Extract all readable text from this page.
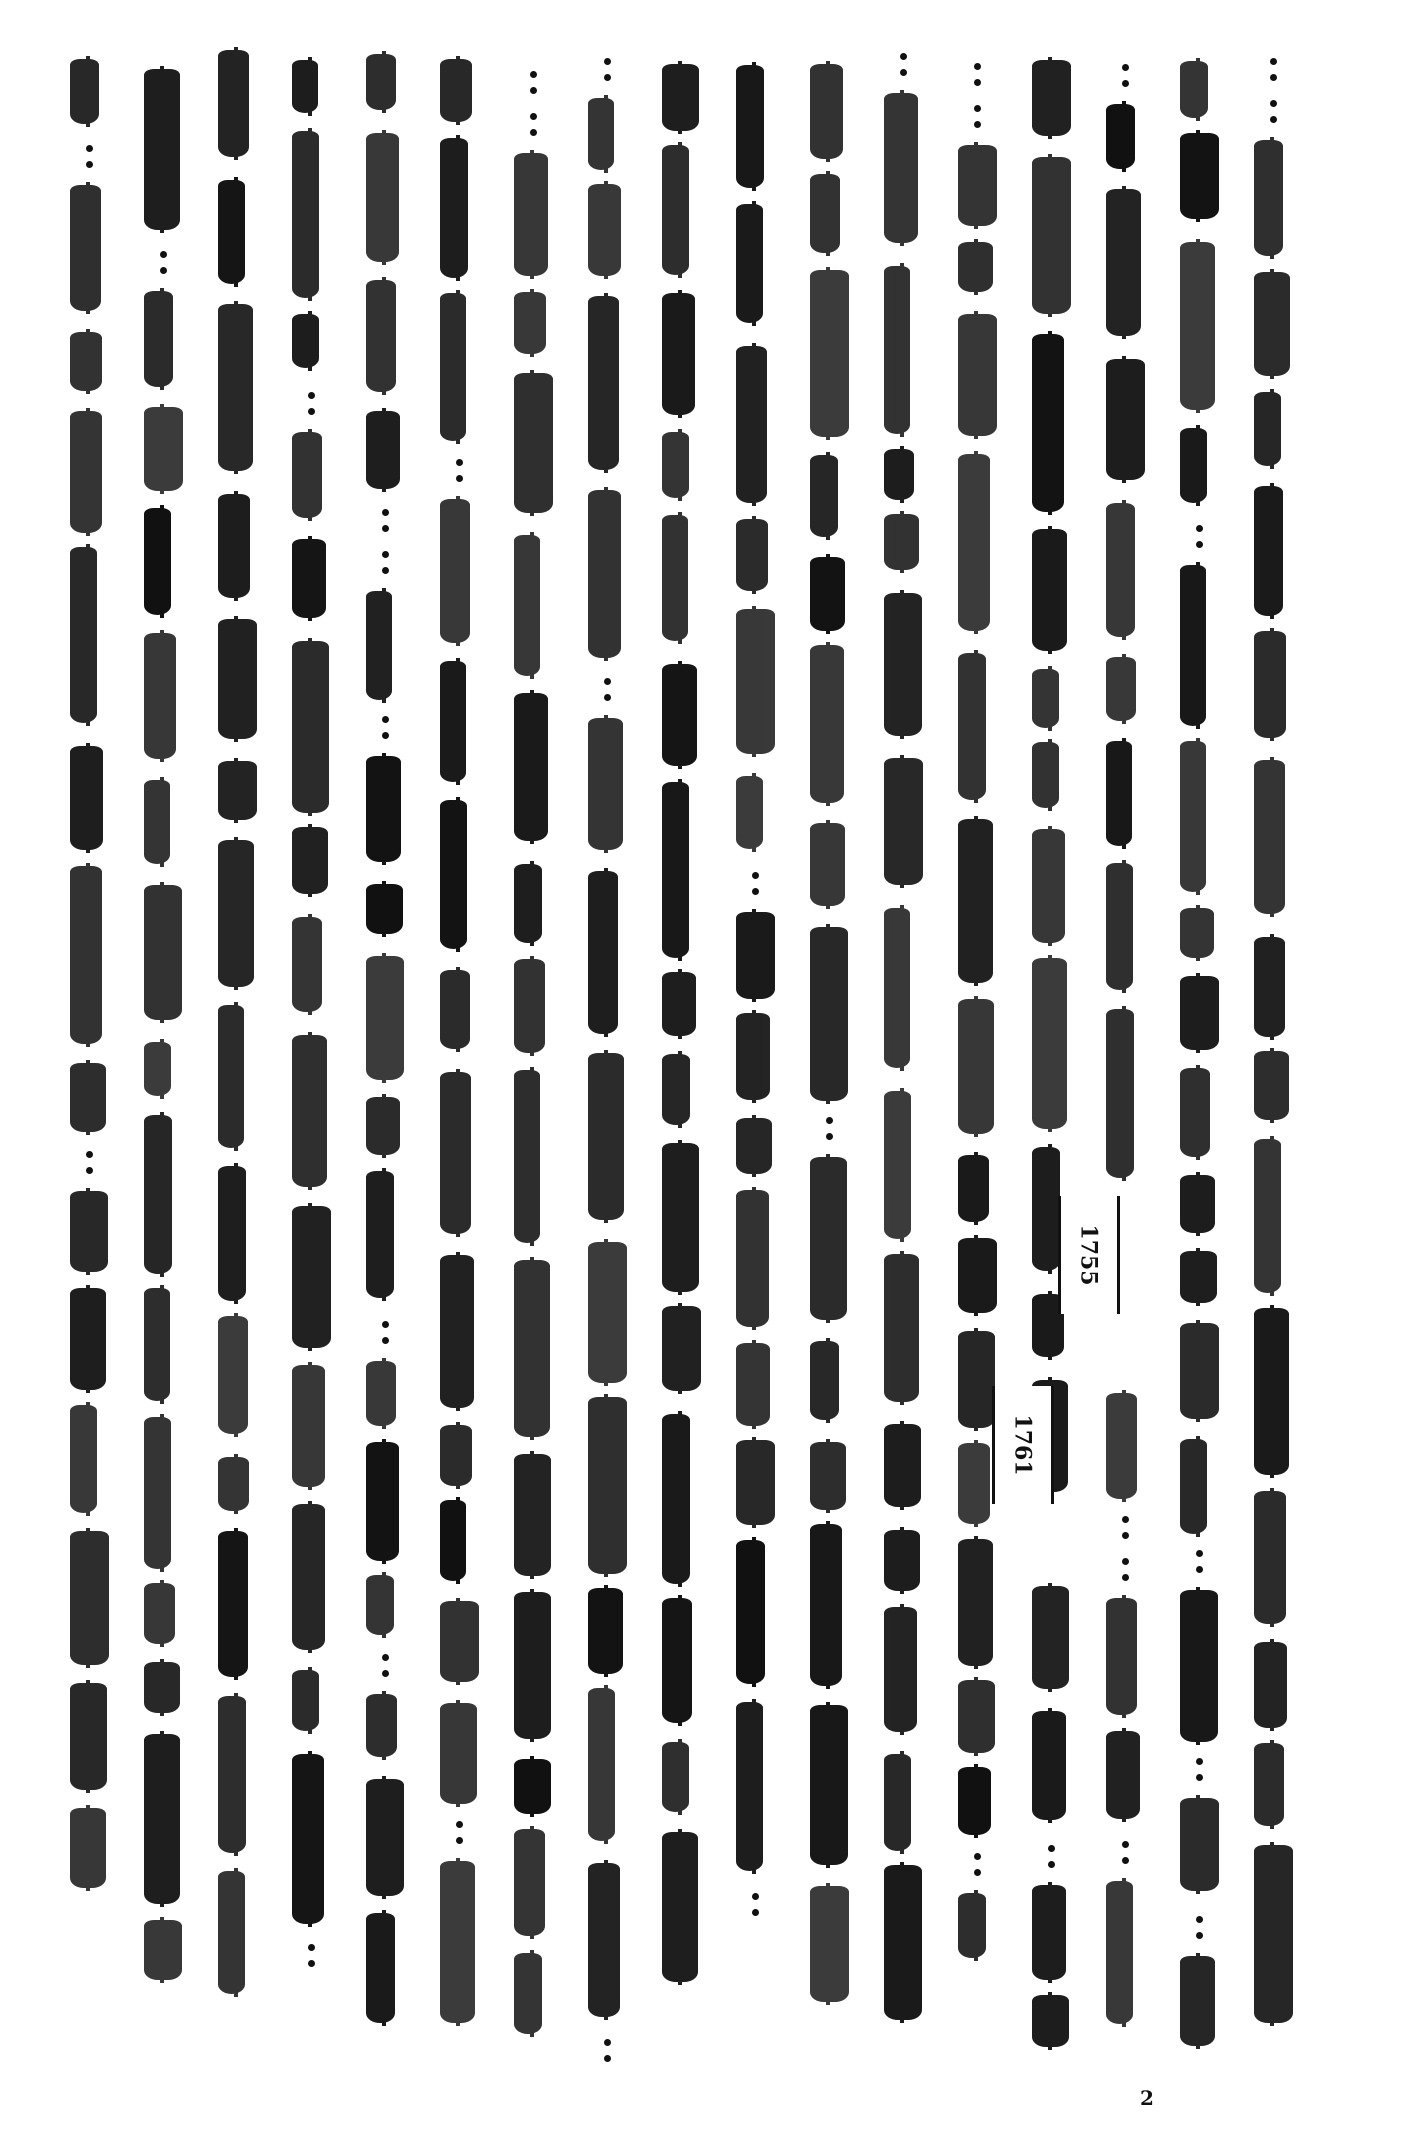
1755
1761
2
